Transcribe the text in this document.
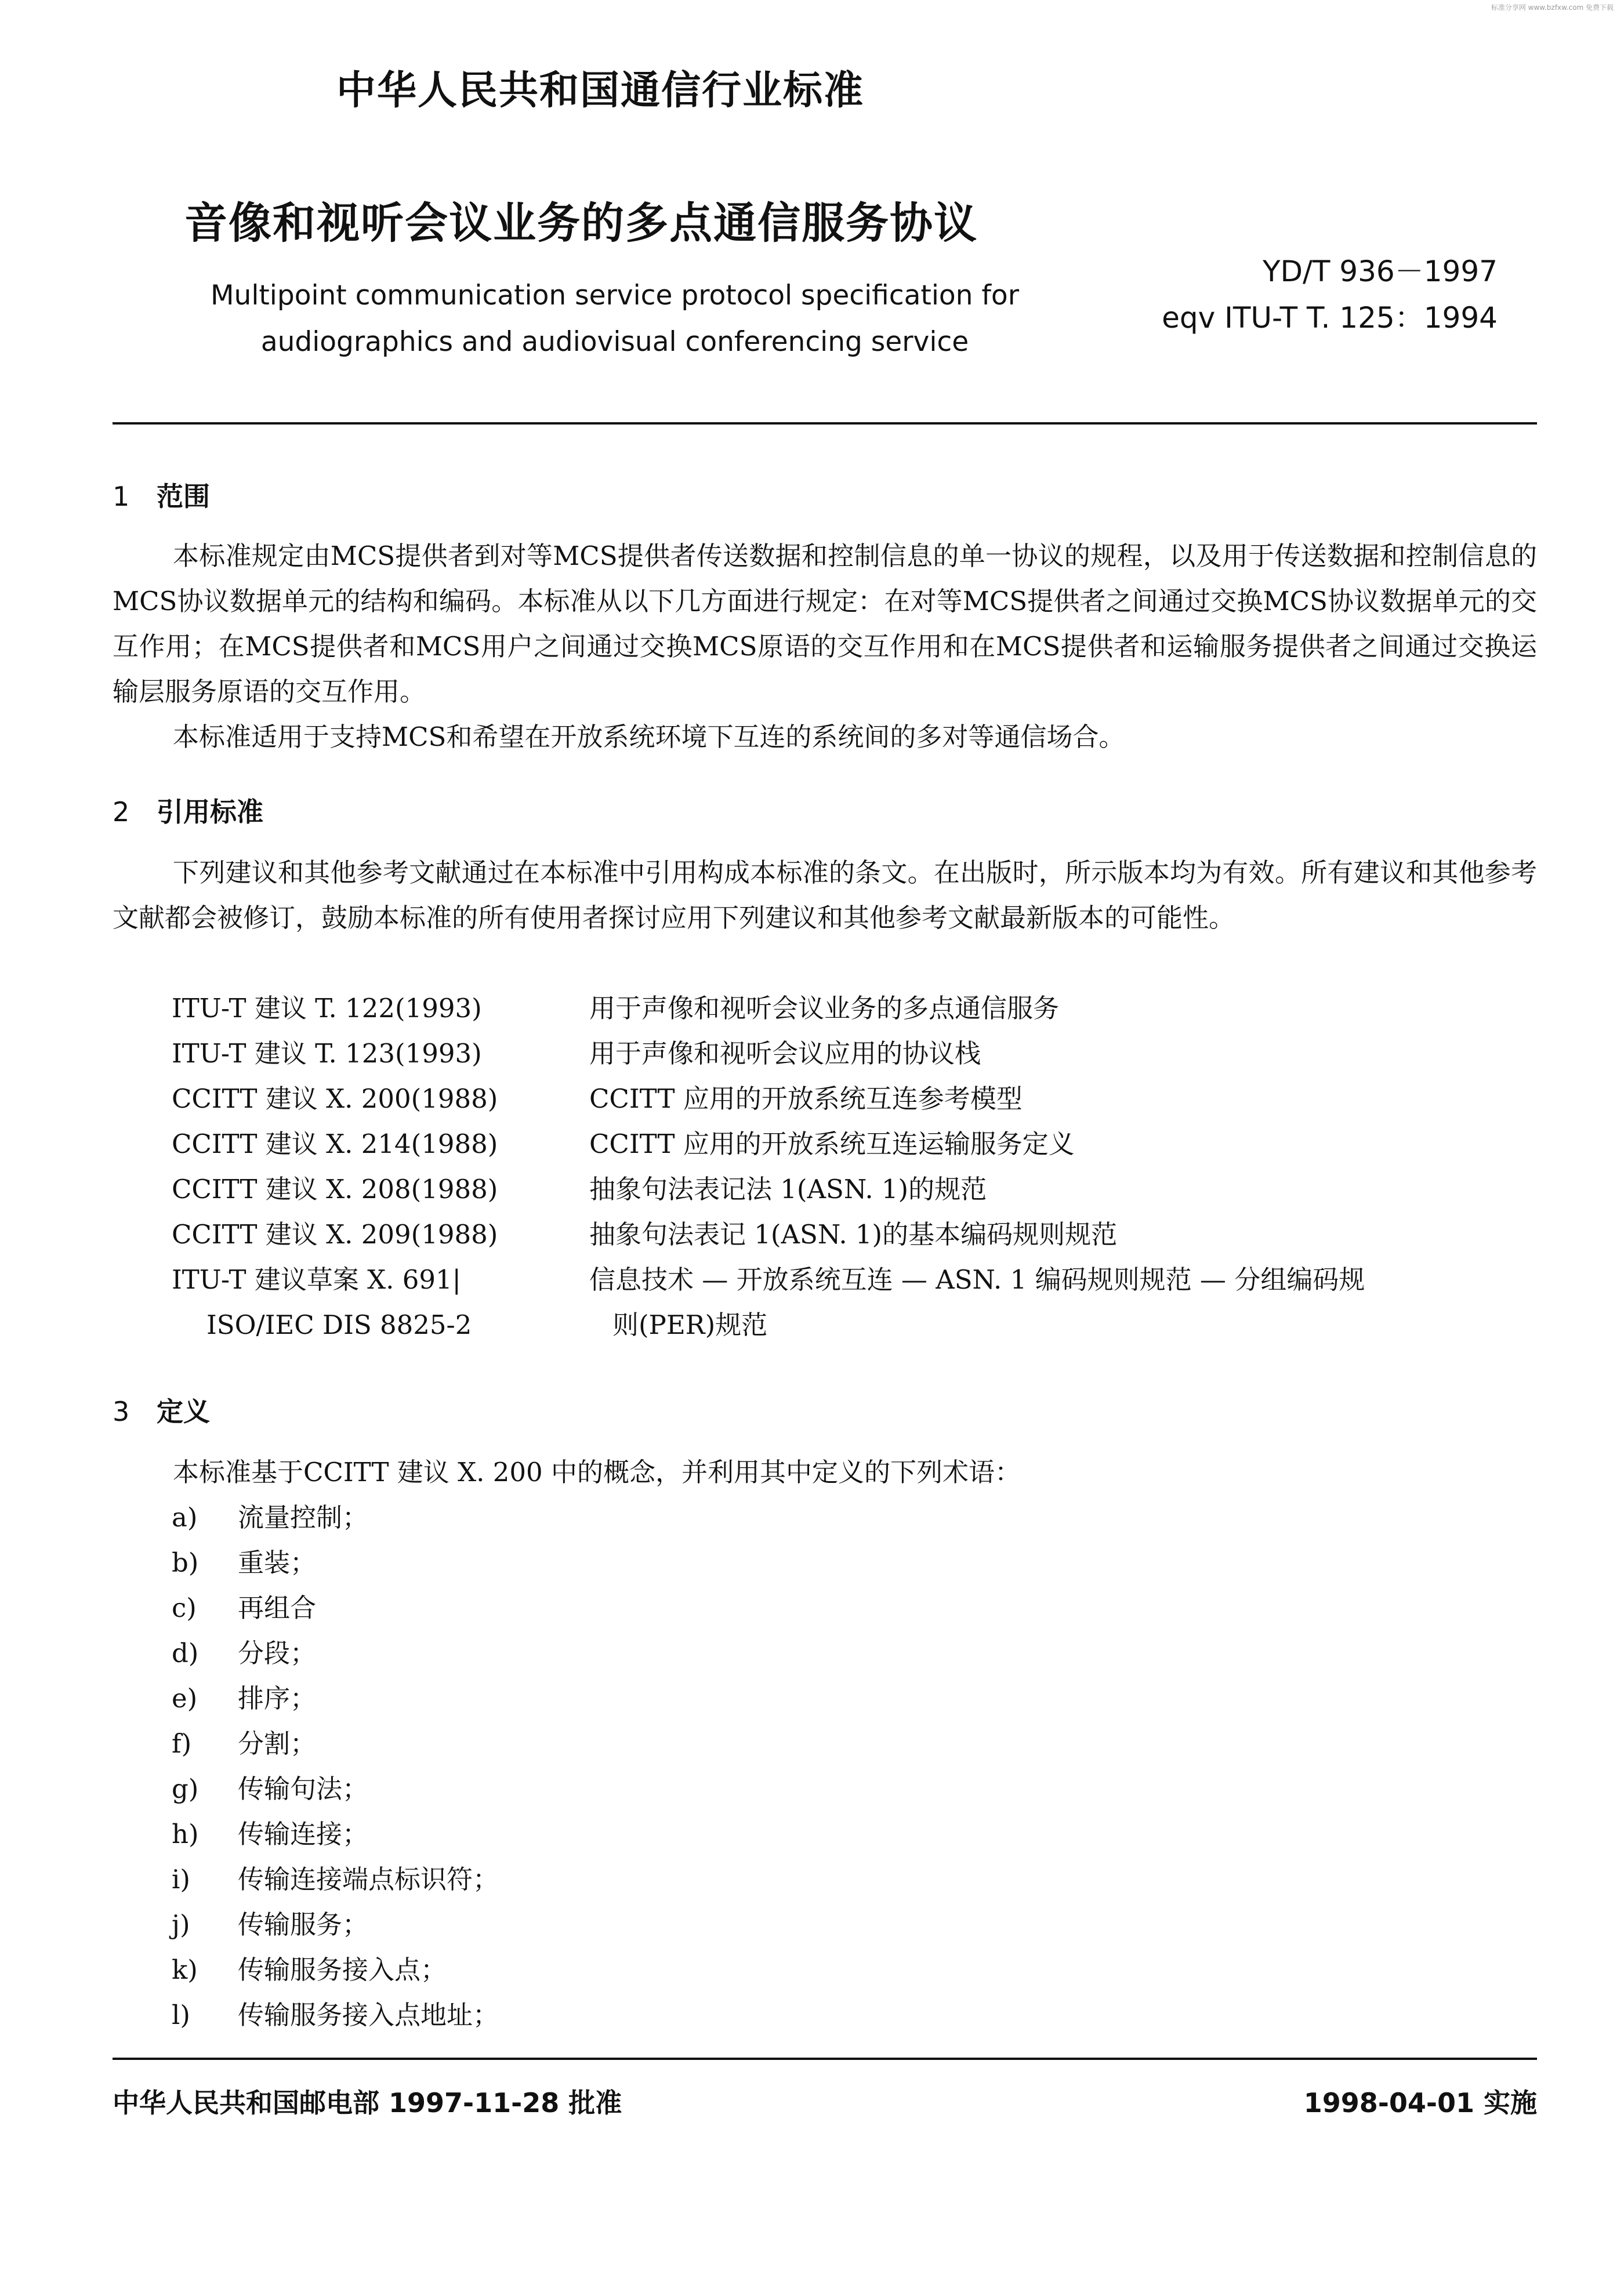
标准分享网 www.bzfxw.com 免费下载
中华人民共和国通信行业标准
音像和视听会议业务的多点通信服务协议
Multipoint communication service protocol specification for
audiographics and audiovisual conferencing service
YD/T 936－1997
eqv ITU-T T. 125：1994
1 范围
本标准规定由MCS提供者到对等MCS提供者传送数据和控制信息的单一协议的规程，以及用于传送数据和控制信息的MCS协议数据单元的结构和编码。本标准从以下几方面进行规定：在对等MCS提供者之间通过交换MCS协议数据单元的交互作用；在MCS提供者和MCS用户之间通过交换MCS原语的交互作用和在MCS提供者和运输服务提供者之间通过交换运输层服务原语的交互作用。
本标准适用于支持MCS和希望在开放系统环境下互连的系统间的多对等通信场合。
2 引用标准
下列建议和其他参考文献通过在本标准中引用构成本标准的条文。在出版时，所示版本均为有效。所有建议和其他参考文献都会被修订，鼓励本标准的所有使用者探讨应用下列建议和其他参考文献最新版本的可能性。
ITU-T 建议 T. 122(1993)	用于声像和视听会议业务的多点通信服务
ITU-T 建议 T. 123(1993)	用于声像和视听会议应用的协议栈
CCITT 建议 X. 200(1988)	CCITT 应用的开放系统互连参考模型
CCITT 建议 X. 214(1988)	CCITT 应用的开放系统互连运输服务定义
CCITT 建议 X. 208(1988)	抽象句法表记法 1(ASN. 1)的规范
CCITT 建议 X. 209(1988)	抽象句法表记 1(ASN. 1)的基本编码规则规范
ITU-T 建议草案 X. 691|	信息技术 — 开放系统互连 — ASN. 1 编码规则规范 — 分组编码规
ISO/IEC DIS 8825-2	则(PER)规范
3 定义
本标准基于CCITT 建议 X. 200 中的概念，并利用其中定义的下列术语：
a) 流量控制；
b) 重装；
c) 再组合
d) 分段；
e) 排序；
f) 分割；
g) 传输句法；
h) 传输连接；
i) 传输连接端点标识符；
j) 传输服务；
k) 传输服务接入点；
l) 传输服务接入点地址；
中华人民共和国邮电部 1997-11-28 批准	1998-04-01 实施
